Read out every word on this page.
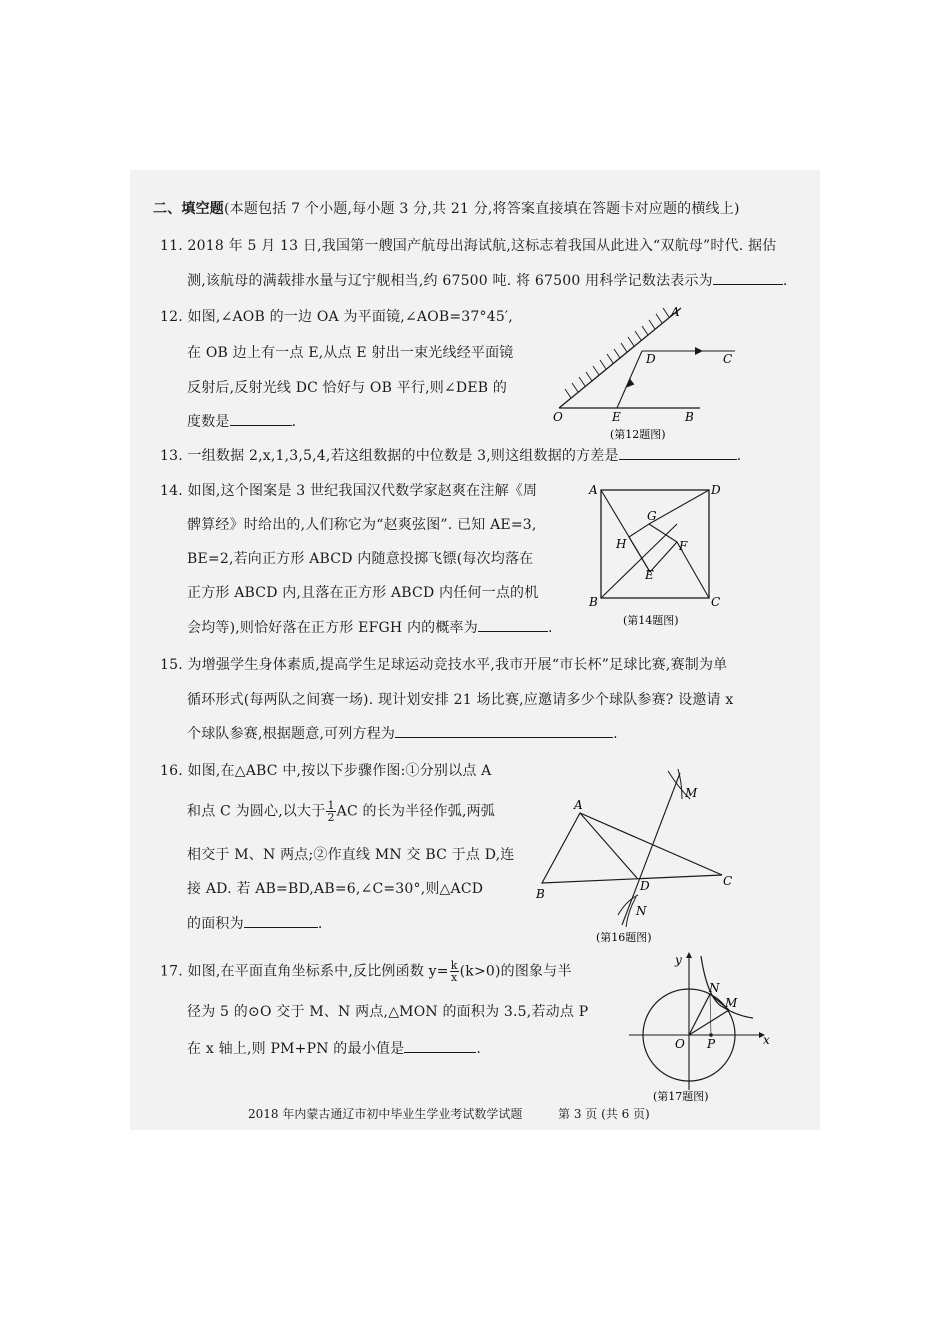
二、填空题(本题包括 7 个小题,每小题 3 分,共 21 分,将答案直接填在答题卡对应题的横线上)
11. 2018 年 5 月 13 日,我国第一艘国产航母出海试航,这标志着我国从此进入“双航母”时代. 据估
测,该航母的满载排水量与辽宁舰相当,约 67500 吨. 将 67500 用科学记数法表示为	.
12. 如图,∠AOB 的一边 OA 为平面镜,∠AOB=37°45′,
在 OB 边上有一点 E,从点 E 射出一束光线经平面镜
反射后,反射光线 DC 恰好与 OB 平行,则∠DEB 的
度数是	.
A
D	C
O	E	B
(第12题图)
13. 一组数据 2,x,1,3,5,4,若这组数据的中位数是 3,则这组数据的方差是	.
14. 如图,这个图案是 3 世纪我国汉代数学家赵爽在注解《周
髀算经》时给出的,人们称它为“赵爽弦图”. 已知 AE=3,
BE=2,若向正方形 ABCD 内随意投掷飞镖(每次均落在
正方形 ABCD 内,且落在正方形 ABCD 内任何一点的机
会均等),则恰好落在正方形 EFGH 内的概率为	.
A	D
B	C
G
H	F
E
(第14题图)
15. 为增强学生身体素质,提高学生足球运动竞技水平,我市开展“市长杯”足球比赛,赛制为单
循环形式(每两队之间赛一场). 现计划安排 21 场比赛,应邀请多少个球队参赛? 设邀请 x
个球队参赛,根据题意,可列方程为	.
16. 如图,在△ABC 中,按以下步骤作图:①分别以点 A
和点 C 为圆心,以大于 $\frac{1}{2}$ AC 的长为半径作弧,两弧
相交于 M、N 两点;②作直线 MN 交 BC 于点 D,连
接 AD. 若 AB=BD,AB=6,∠C=30°,则△ACD
的面积为	.
A
B
C
D
M
N
(第16题图)
17. 如图,在平面直角坐标系中,反比例函数 $y= \frac{k}{x} (k>0)$的图象与半
径为 5 的⊙O 交于 M、N 两点,△MON 的面积为 3.5,若动点 P
在 x 轴上,则 PM+PN 的最小值是	.
y
x
O P
N
M
(第17题图)
2018 年内蒙古通辽市初中毕业生学业考试数学试题	第 3 页 (共 6 页)
